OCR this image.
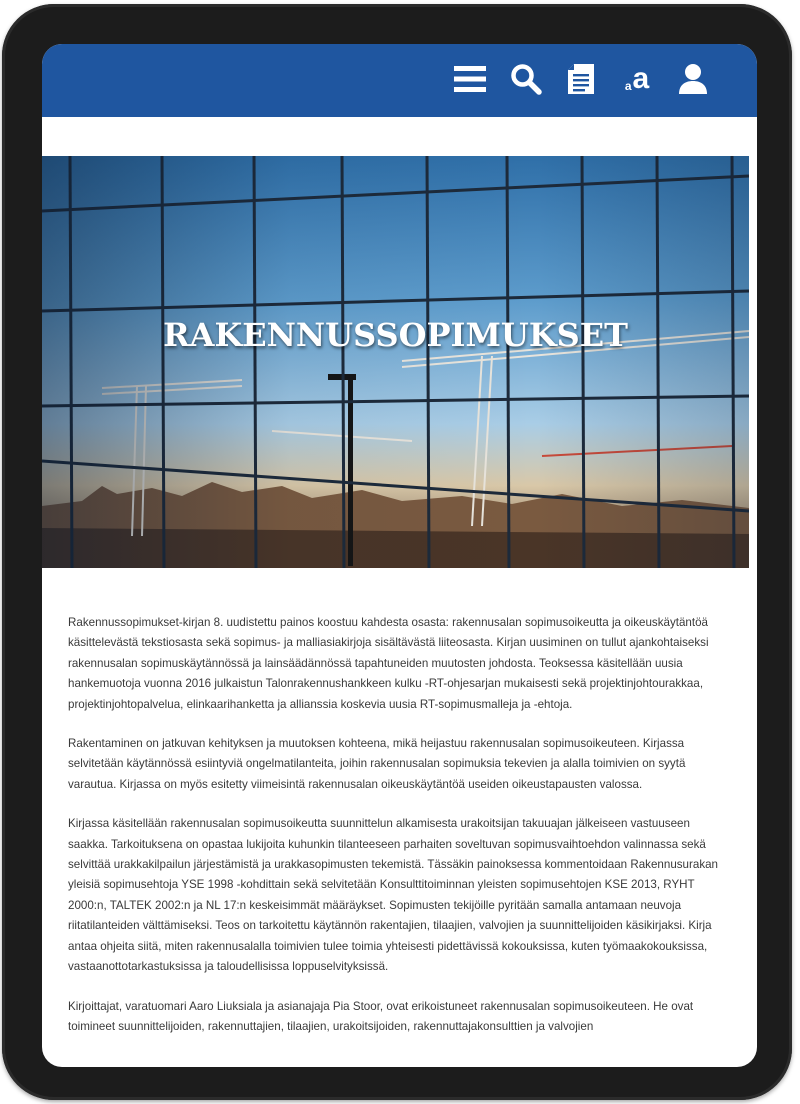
a a
RAKENNUSSOPIMUKSET

Rakennussopimukset-kirjan 8. uudistettu painos koostuu kahdesta osasta: rakennusalan sopimusoikeutta ja oikeuskäytäntöä käsittelevästä tekstiosasta sekä sopimus- ja malliasiakirjoja sisältävästä liiteosasta. Kirjan uusiminen on tullut ajankohtaiseksi rakennusalan sopimuskäytännössä ja lainsäädännössä tapahtuneiden muutosten johdosta. Teoksessa käsitellään uusia hankemuotoja vuonna 2016 julkaistun Talonrakennushankkeen kulku -RT-ohjesarjan mukaisesti sekä projektinjohtourakkaa, projektinjohtopalvelua, elinkaarihanketta ja allianssia koskevia uusia RT-sopimusmalleja ja -ehtoja.

Rakentaminen on jatkuvan kehityksen ja muutoksen kohteena, mikä heijastuu rakennusalan sopimusoikeuteen. Kirjassa selvitetään käytännössä esiintyviä ongelmatilanteita, joihin rakennusalan sopimuksia tekevien ja alalla toimivien on syytä varautua. Kirjassa on myös esitetty viimeisintä rakennusalan oikeuskäytäntöä useiden oikeustapausten valossa.

Kirjassa käsitellään rakennusalan sopimusoikeutta suunnittelun alkamisesta urakoitsijan takuuajan jälkeiseen vastuuseen saakka. Tarkoituksena on opastaa lukijoita kuhunkin tilanteeseen parhaiten soveltuvan sopimusvaihtoehdon valinnassa sekä selvittää urakkakilpailun järjestämistä ja urakkasopimusten tekemistä. Tässäkin painoksessa kommentoidaan Rakennusurakan yleisiä sopimusehtoja YSE 1998 -kohdittain sekä selvitetään Konsulttitoiminnan yleisten sopimusehtojen KSE 2013, RYHT 2000:n, TALTEK 2002:n ja NL 17:n keskeisimmät määräykset. Sopimusten tekijöille pyritään samalla antamaan neuvoja riitatilanteiden välttämiseksi. Teos on tarkoitettu käytännön rakentajien, tilaajien, valvojien ja suunnittelijoiden käsikirjaksi. Kirja antaa ohjeita siitä, miten rakennusalalla toimivien tulee toimia yhteisesti pidettävissä kokouksissa, kuten työmaakokouksissa, vastaanottotarkastuksissa ja taloudellisissa loppuselvityksissä.

Kirjoittajat, varatuomari Aaro Liuksiala ja asianajaja Pia Stoor, ovat erikoistuneet rakennusalan sopimusoikeuteen. He ovat toimineet suunnittelijoiden, rakennuttajien, tilaajien, urakoitsijoiden, rakennuttajakonsulttien ja valvojien
